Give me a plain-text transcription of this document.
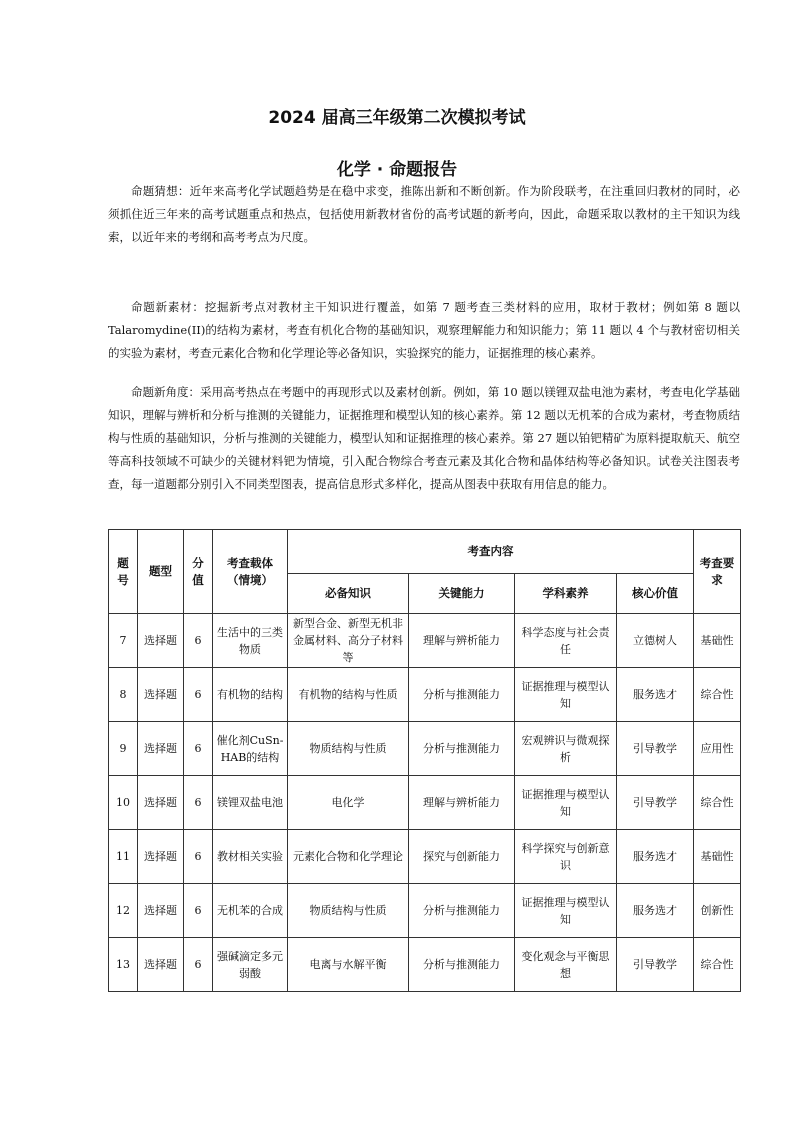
2024 届高三年级第二次模拟考试
化学 · 命题报告

命题猜想：近年来高考化学试题趋势是在稳中求变，推陈出新和不断创新。作为阶段联考，在注重回归教材的同时，必须抓住近三年来的高考试题重点和热点，包括使用新教材省份的高考试题的新考向，因此，命题采取以教材的主干知识为线索，以近年来的考纲和高考考点为尺度。

命题新素材：挖掘新考点对教材主干知识进行覆盖，如第 7 题考查三类材料的应用，取材于教材；例如第 8 题以 Talaromydine(II)的结构为素材，考查有机化合物的基础知识，观察理解能力和知识能力；第 11 题以 4 个与教材密切相关的实验为素材，考查元素化合物和化学理论等必备知识，实验探究的能力，证据推理的核心素养。

命题新角度：采用高考热点在考题中的再现形式以及素材创新。例如，第 10 题以镁锂双盐电池为素材，考查电化学基础知识，理解与辨析和分析与推测的关键能力，证据推理和模型认知的核心素养。第 12 题以无机苯的合成为素材，考查物质结构与性质的基础知识，分析与推测的关键能力，模型认知和证据推理的核心素养。第 27 题以铂钯精矿为原料提取航天、航空等高科技领域不可缺少的关键材料钯为情境，引入配合物综合考查元素及其化合物和晶体结构等必备知识。试卷关注图表考查，每一道题都分别引入不同类型图表，提高信息形式多样化，提高从图表中获取有用信息的能力。

题号	题型	分值	考查载体（情境）	考查内容				考查要求
				必备知识	关键能力	学科素养	核心价值	
7	选择题	6	生活中的三类物质	新型合金、新型无机非金属材料、高分子材料等	理解与辨析能力	科学态度与社会责任	立德树人	基础性
8	选择题	6	有机物的结构	有机物的结构与性质	分析与推测能力	证据推理与模型认知	服务选才	综合性
9	选择题	6	催化剂CuSn-HAB的结构	物质结构与性质	分析与推测能力	宏观辨识与微观探析	引导教学	应用性
10	选择题	6	镁锂双盐电池	电化学	理解与辨析能力	证据推理与模型认知	引导教学	综合性
11	选择题	6	教材相关实验	元素化合物和化学理论	探究与创新能力	科学探究与创新意识	服务选才	基础性
12	选择题	6	无机苯的合成	物质结构与性质	分析与推测能力	证据推理与模型认知	服务选才	创新性
13	选择题	6	强碱滴定多元弱酸	电离与水解平衡	分析与推测能力	变化观念与平衡思想	引导教学	综合性
